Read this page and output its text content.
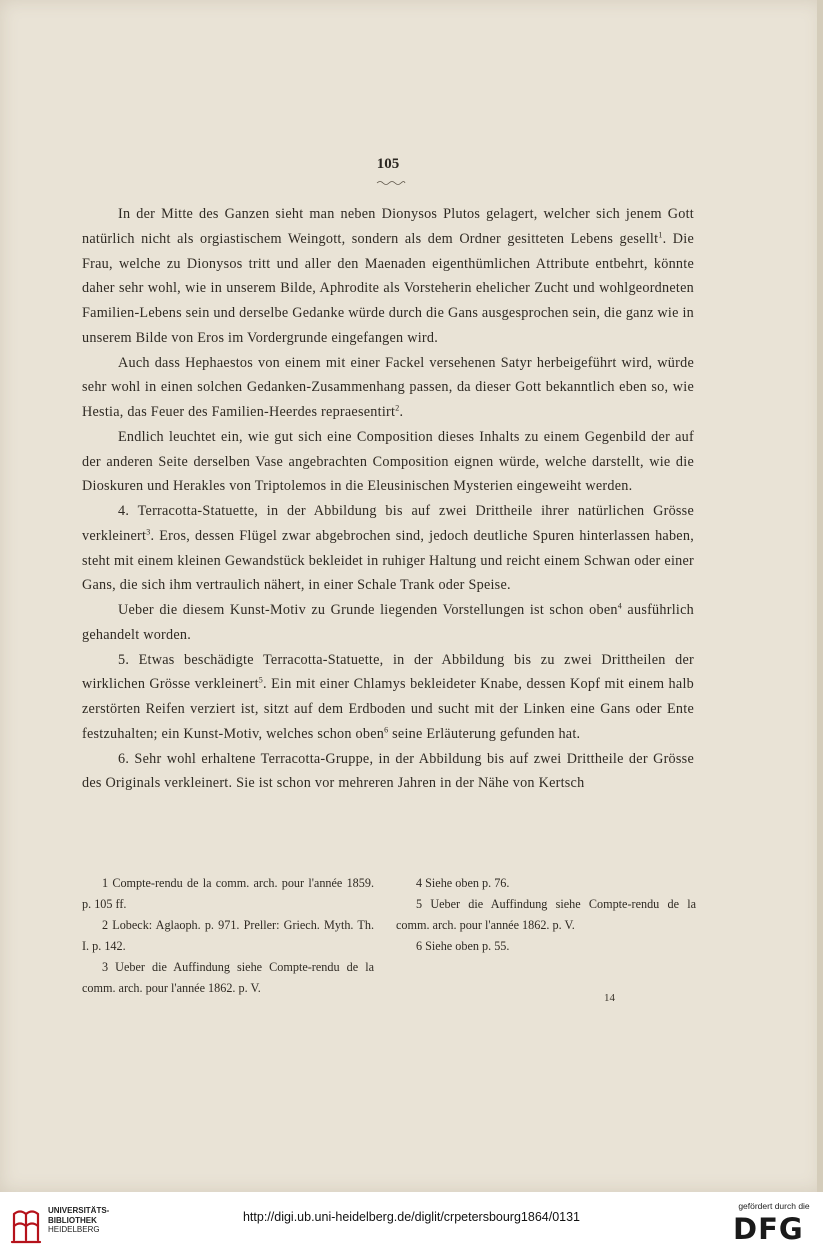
105

In der Mitte des Ganzen sieht man neben Dionysos Plutos gelagert, welcher sich jenem Gott natürlich nicht als orgiastischem Weingott, sondern als dem Ordner gesitteten Lebens gesellt$^1$. Die Frau, welche zu Dionysos tritt und aller den Maenaden eigenthümlichen Attribute entbehrt, könnte daher sehr wohl, wie in unserem Bilde, Aphrodite als Vorsteherin ehelicher Zucht und wohlgeordneten Familien-Lebens sein und derselbe Gedanke würde durch die Gans ausgesprochen sein, die ganz wie in unserem Bilde von Eros im Vordergrunde eingefangen wird.

Auch dass Hephaestos von einem mit einer Fackel versehenen Satyr herbeigeführt wird, würde sehr wohl in einen solchen Gedanken-Zusammenhang passen, da dieser Gott bekanntlich eben so, wie Hestia, das Feuer des Familien-Heerdes repraesentirt$^2$.

Endlich leuchtet ein, wie gut sich eine Composition dieses Inhalts zu einem Gegenbild der auf der anderen Seite derselben Vase angebrachten Composition eignen würde, welche darstellt, wie die Dioskuren und Herakles von Triptolemos in die Eleusinischen Mysterien eingeweiht werden.

4. Terracotta-Statuette, in der Abbildung bis auf zwei Drittheile ihrer natürlichen Grösse verkleinert$^3$. Eros, dessen Flügel zwar abgebrochen sind, jedoch deutliche Spuren hinterlassen haben, steht mit einem kleinen Gewandstück bekleidet in ruhiger Haltung und reicht einem Schwan oder einer Gans, die sich ihm vertraulich nähert, in einer Schale Trank oder Speise.

Ueber die diesem Kunst-Motiv zu Grunde liegenden Vorstellungen ist schon oben$^4$ ausführlich gehandelt worden.

5. Etwas beschädigte Terracotta-Statuette, in der Abbildung bis zu zwei Drittheilen der wirklichen Grösse verkleinert$^5$. Ein mit einer Chlamys bekleideter Knabe, dessen Kopf mit einem halb zerstörten Reifen verziert ist, sitzt auf dem Erdboden und sucht mit der Linken eine Gans oder Ente festzuhalten; ein Kunst-Motiv, welches schon oben$^6$ seine Erläuterung gefunden hat.

6. Sehr wohl erhaltene Terracotta-Gruppe, in der Abbildung bis auf zwei Drittheile der Grösse des Originals verkleinert. Sie ist schon vor mehreren Jahren in der Nähe von Kertsch

1 Compte-rendu de la comm. arch. pour l'année 1859. p. 105 ff.

2 Lobeck: Aglaoph. p. 971. Preller: Griech. Myth. Th. I. p. 142.

3 Ueber die Auffindung siehe Compte-rendu de la comm. arch. pour l'année 1862. p. V.

4 Siehe oben p. 76.

5 Ueber die Auffindung siehe Compte-rendu de la comm. arch. pour l'année 1862. p. V.

6 Siehe oben p. 55.

14
UNIVERSITÄTS-
BIBLIOTHEK
HEIDELBERG
http://digi.ub.uni-heidelberg.de/diglit/crpetersbourg1864/0131
gefördert durch die
DFG
